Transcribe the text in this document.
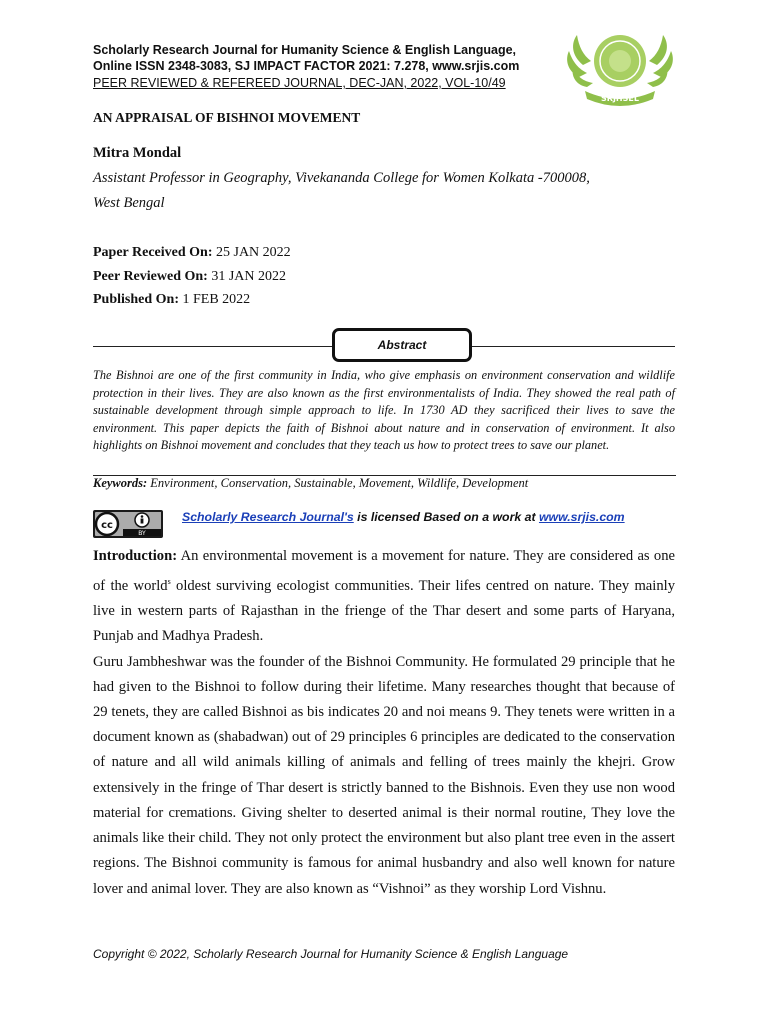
Scholarly Research Journal for Humanity Science & English Language,
Online ISSN 2348-3083, SJ IMPACT FACTOR 2021: 7.278, www.srjis.com
PEER REVIEWED & REFEREED JOURNAL, DEC-JAN, 2022, VOL-10/49
SRJHSEL
AN APPRAISAL OF BISHNOI MOVEMENT
Mitra Mondal
Assistant Professor in Geography, Vivekananda College for Women Kolkata -700008,
West Bengal
Paper Received On: 25 JAN 2022
Peer Reviewed On: 31 JAN 2022
Published On: 1 FEB 2022
Abstract
The Bishnoi are one of the first community in India, who give emphasis on environment conservation and wildlife protection in their lives. They are also known as the first environmentalists of India. They showed the real path of sustainable development through simple approach to life. In 1730 AD they sacrificed their lives to save the environment. This paper depicts the faith of Bishnoi about nature and in conservation of environment. It also highlights on Bishnoi movement and concludes that they teach us how to protect trees to save our planet.
Keywords: Environment, Conservation, Sustainable, Movement, Wildlife, Development
cc
BY
Scholarly Research Journal's is licensed Based on a work at www.srjis.com

Introduction: An environmental movement is a movement for nature. They are considered as one of the world$^s$ oldest surviving ecologist communities. Their lifes centred on nature. They mainly live in western parts of Rajasthan in the frienge of the Thar desert and some parts of Haryana, Punjab and Madhya Pradesh.

Guru Jambheshwar was the founder of the Bishnoi Community. He formulated 29 principle that he had given to the Bishnoi to follow during their lifetime. Many researches thought that because of 29 tenets, they are called Bishnoi as bis indicates 20 and noi means 9. They tenets were written in a document known as (shabadwan) out of 29 principles 6 principles are dedicated to the conservation of nature and all wild animals killing of animals and felling of trees mainly the khejri. Grow extensively in the fringe of Thar desert is strictly banned to the Bishnois. Even they use non wood material for cremations. Giving shelter to deserted animal is their normal routine, They love the animals like their child. They not only protect the environment but also plant tree even in the assert regions. The Bishnoi community is famous for animal husbandry and also well known for nature lover and animal lover. They are also known as “Vishnoi” as they worship Lord Vishnu.

Copyright © 2022, Scholarly Research Journal for Humanity Science & English Language
